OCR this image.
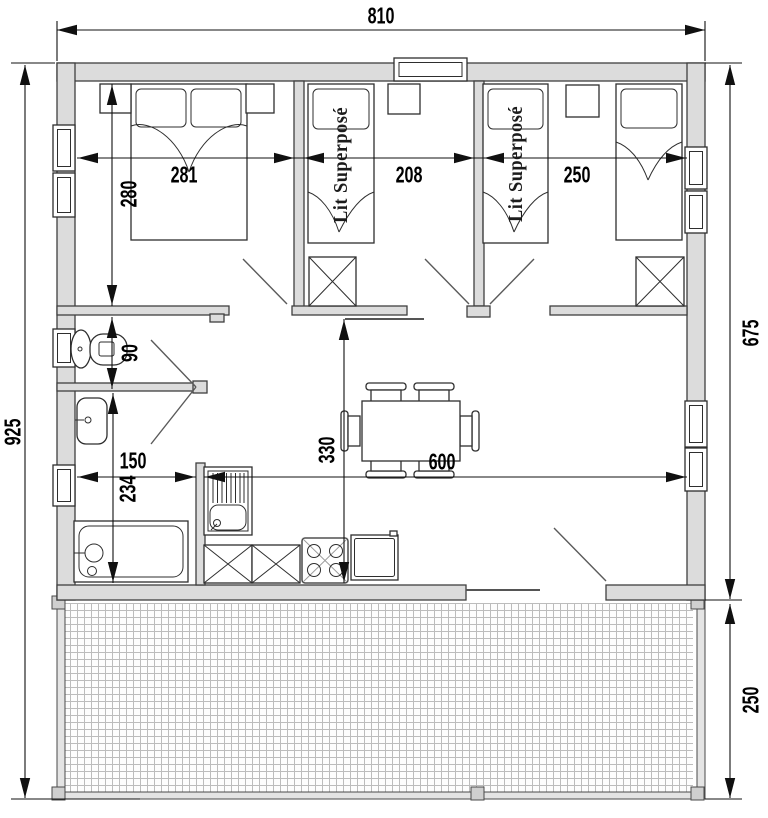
810
925
675
250
281	208	250
280
90
234
330
150	600
Lit Superposé	Lit Superposé
